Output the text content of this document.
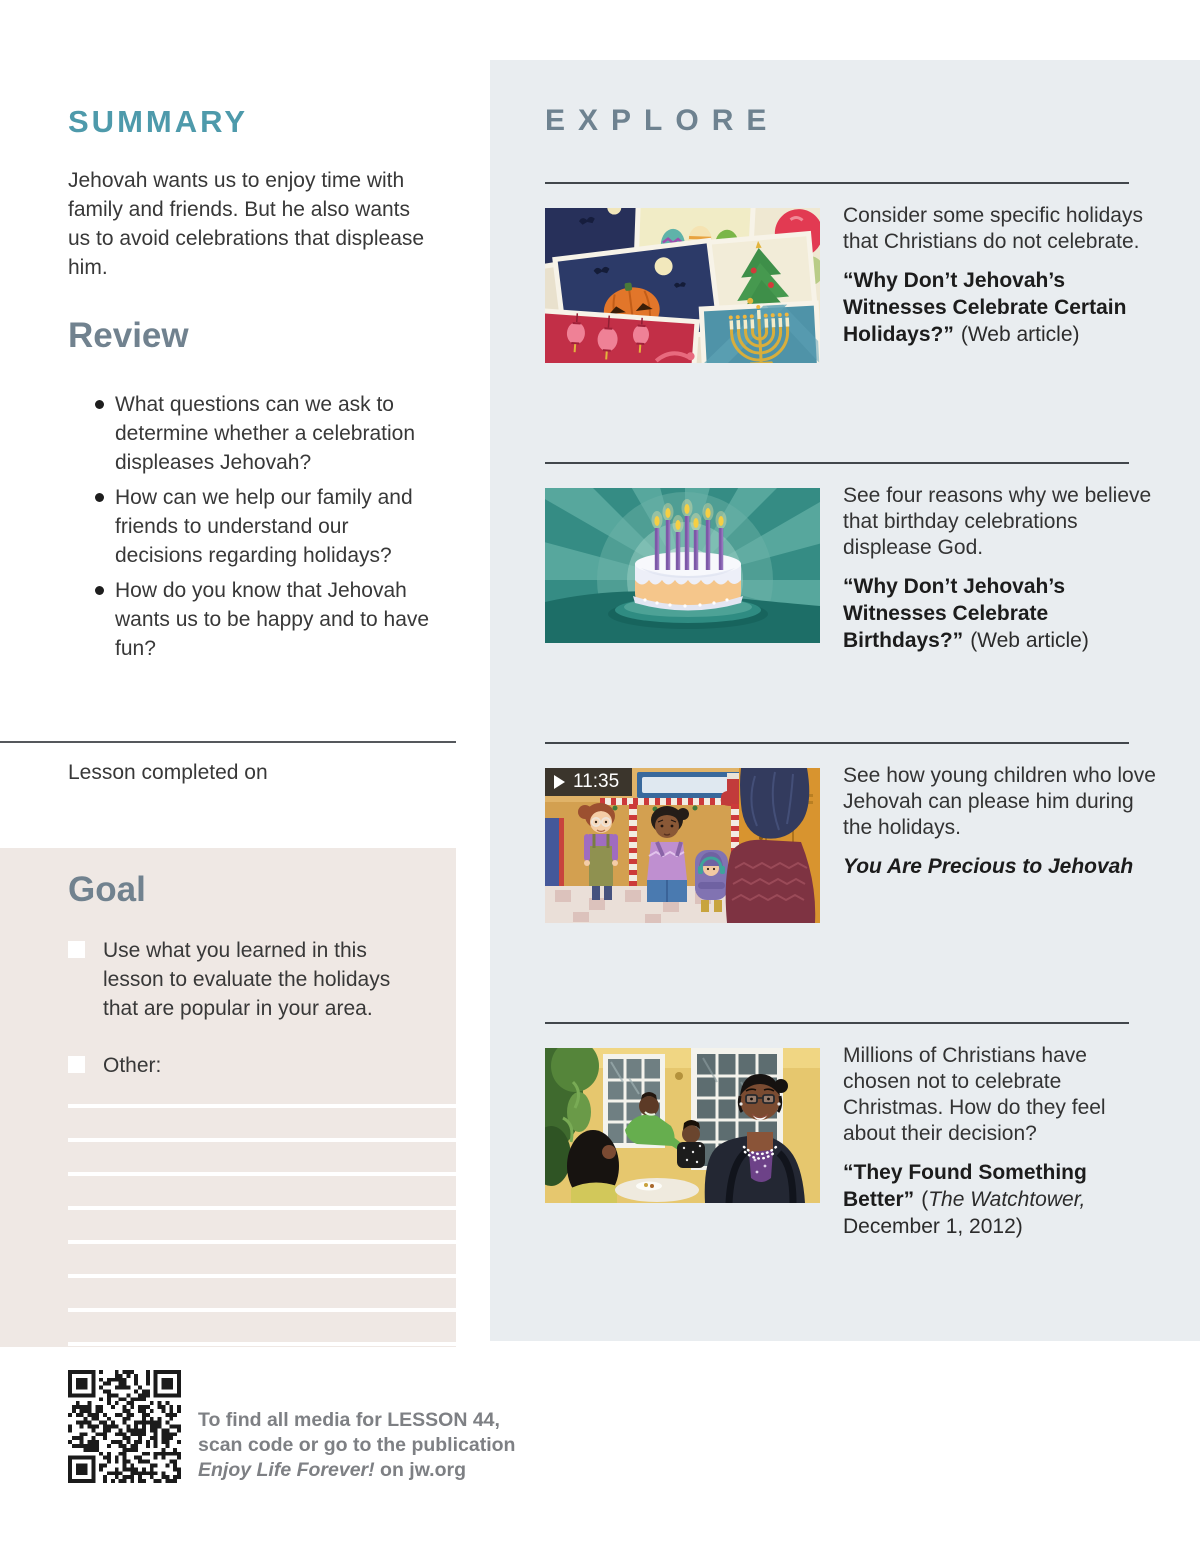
SUMMARY

Jehovah wants us to enjoy time with family and friends. But he also wants us to avoid celebrations that displease him.

Review
What questions can we ask to determine whether a celebration displeases Jehovah?
How can we help our family and friends to understand our decisions regarding holidays?
How do you know that Jehovah wants us to be happy and to have fun?

Lesson completed on

Goal
Use what you learned in this lesson to evaluate the holidays that are popular in your area.
Other:

To find all media for LESSON 44,
scan code or go to the publication
Enjoy Life Forever! on jw.org

EXPLORE

Consider some specific holidays that Christians do not celebrate.

“Why Don’t Jehovah’s Witnesses Celebrate Certain Holidays?” (Web article)

See four reasons why we believe that birthday celebrations displease God.

“Why Don’t Jehovah’s Witnesses Celebrate Birthdays?” (Web article)

11:35	See how young children who love Jehovah can please him during the holidays.

You Are Precious to Jehovah

Millions of Christians have chosen not to celebrate Christmas. How do they feel about their decision?

“They Found Something Better” (The Watchtower, December 1, 2012)
